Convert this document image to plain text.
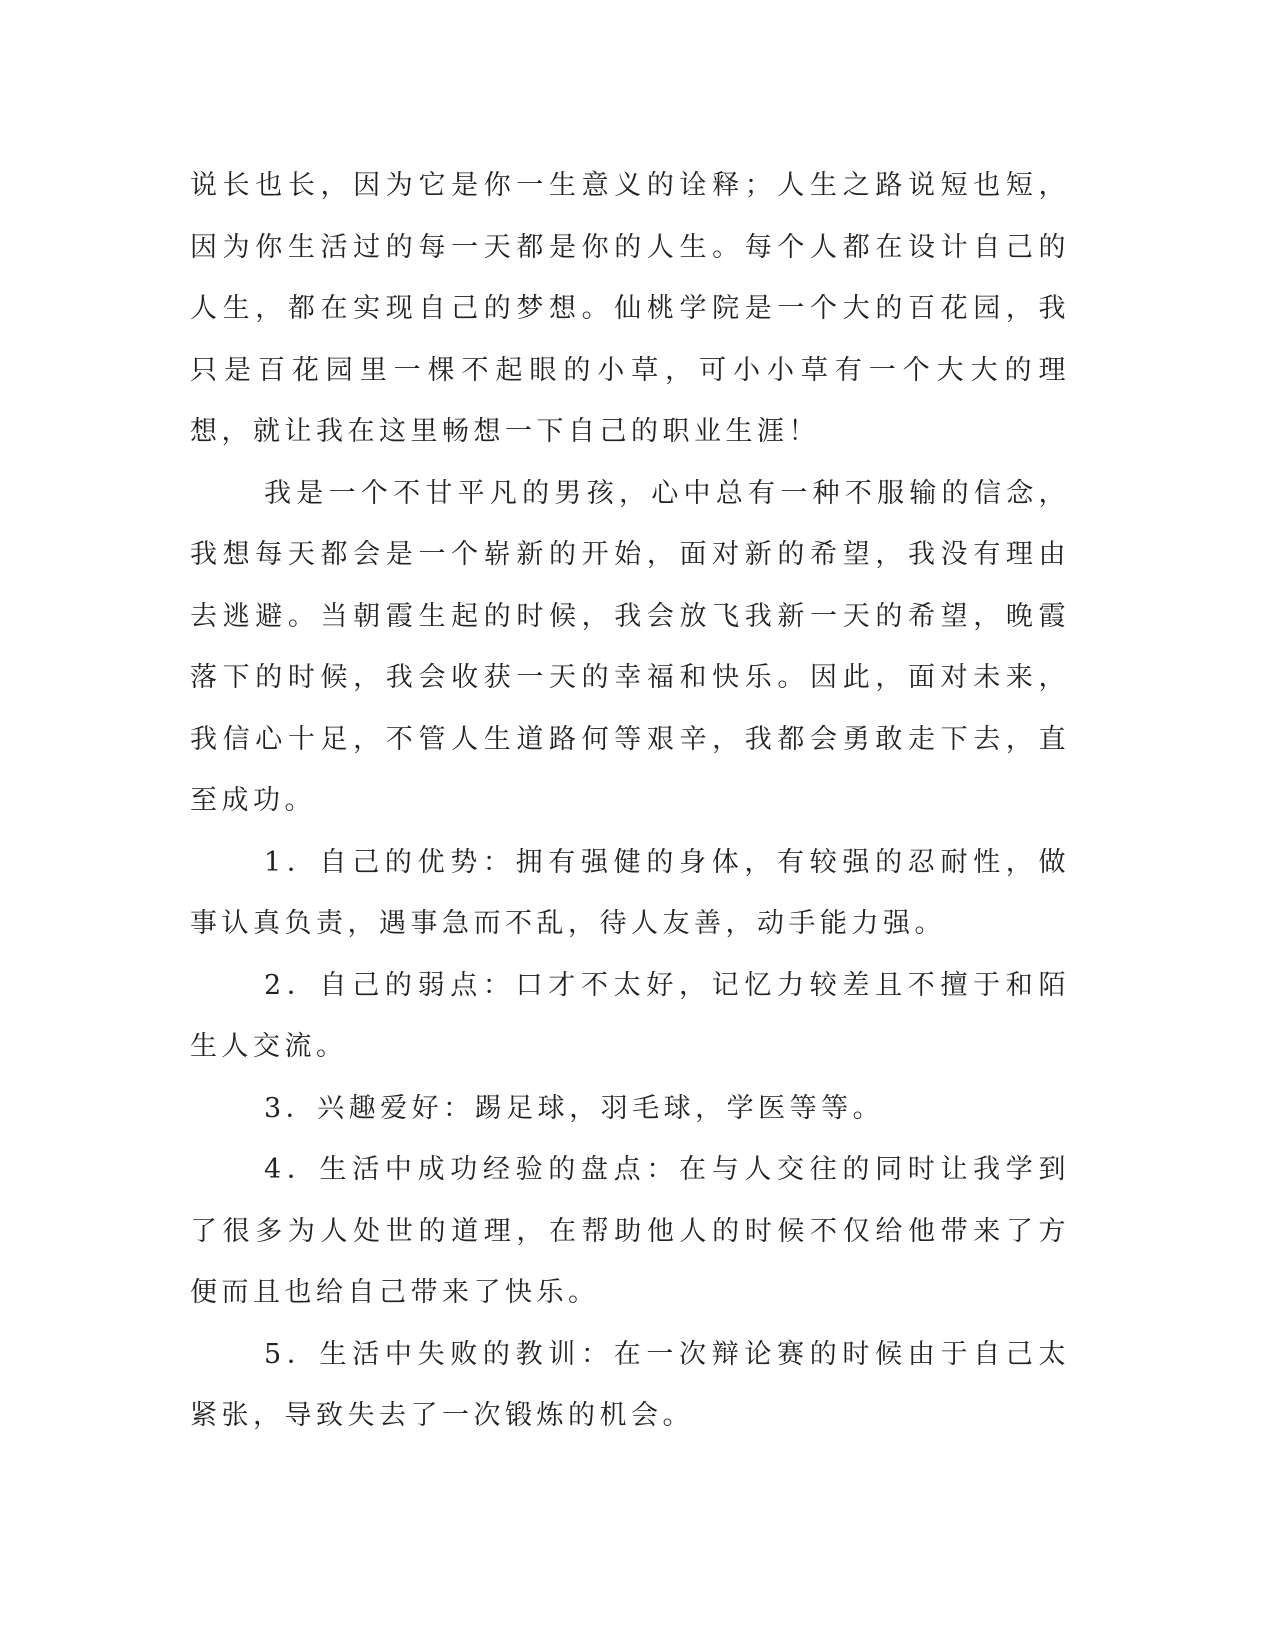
说长也长，因为它是你一生意义的诠释；人生之路说短也短，因为你生活过的每一天都是你的人生。每个人都在设计自己的人生，都在实现自己的梦想。仙桃学院是一个大的百花园，我只是百花园里一棵不起眼的小草，可小小草有一个大大的理想，就让我在这里畅想一下自己的职业生涯！

我是一个不甘平凡的男孩，心中总有一种不服输的信念，我想每天都会是一个崭新的开始，面对新的希望，我没有理由去逃避。当朝霞生起的时候，我会放飞我新一天的希望，晚霞落下的时候，我会收获一天的幸福和快乐。因此，面对未来，我信心十足，不管人生道路何等艰辛，我都会勇敢走下去，直至成功。

1．自己的优势：拥有强健的身体，有较强的忍耐性，做事认真负责，遇事急而不乱，待人友善，动手能力强。

2．自己的弱点：口才不太好，记忆力较差且不擅于和陌生人交流。

3．兴趣爱好：踢足球，羽毛球，学医等等。

4．生活中成功经验的盘点：在与人交往的同时让我学到了很多为人处世的道理，在帮助他人的时候不仅给他带来了方便而且也给自己带来了快乐。

5．生活中失败的教训：在一次辩论赛的时候由于自己太紧张，导致失去了一次锻炼的机会。
